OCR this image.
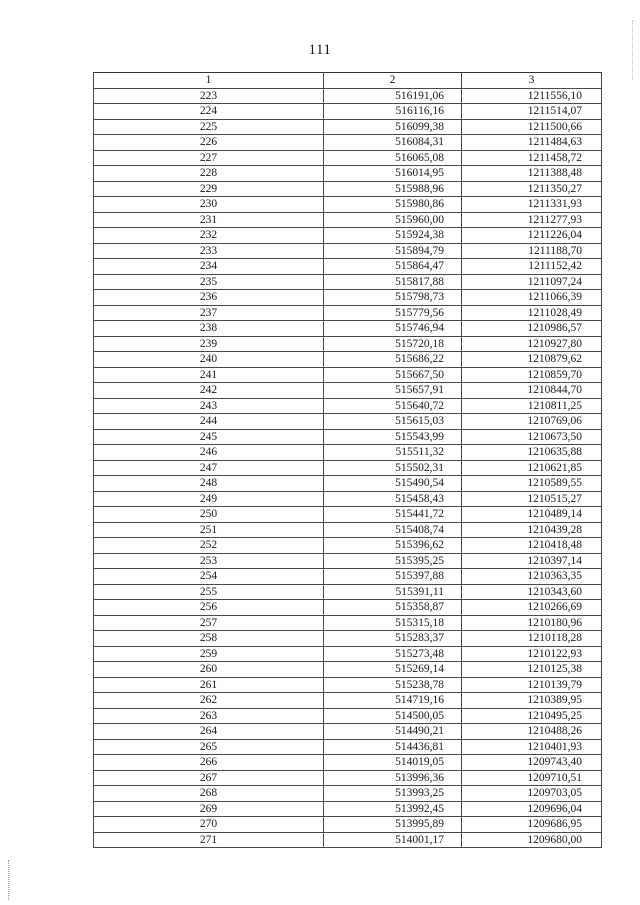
111
1	2	3
223	516191,06	1211556,10
224	516116,16	1211514,07
225	516099,38	1211500,66
226	516084,31	1211484,63
227	516065,08	1211458,72
228	516014,95	1211388,48
229	515988,96	1211350,27
230	515980,86	1211331,93
231	515960,00	1211277,93
232	515924,38	1211226,04
233	515894,79	1211188,70
234	515864,47	1211152,42
235	515817,88	1211097,24
236	515798,73	1211066,39
237	515779,56	1211028,49
238	515746,94	1210986,57
239	515720,18	1210927,80
240	515686,22	1210879,62
241	515667,50	1210859,70
242	515657,91	1210844,70
243	515640,72	1210811,25
244	515615,03	1210769,06
245	515543,99	1210673,50
246	515511,32	1210635,88
247	515502,31	1210621,85
248	515490,54	1210589,55
249	515458,43	1210515,27
250	515441,72	1210489,14
251	515408,74	1210439,28
252	515396,62	1210418,48
253	515395,25	1210397,14
254	515397,88	1210363,35
255	515391,11	1210343,60
256	515358,87	1210266,69
257	515315,18	1210180,96
258	515283,37	1210118,28
259	515273,48	1210122,93
260	515269,14	1210125,38
261	515238,78	1210139,79
262	514719,16	1210389,95
263	514500,05	1210495,25
264	514490,21	1210488,26
265	514436,81	1210401,93
266	514019,05	1209743,40
267	513996,36	1209710,51
268	513993,25	1209703,05
269	513992,45	1209696,04
270	513995,89	1209686,95
271	514001,17	1209680,00
